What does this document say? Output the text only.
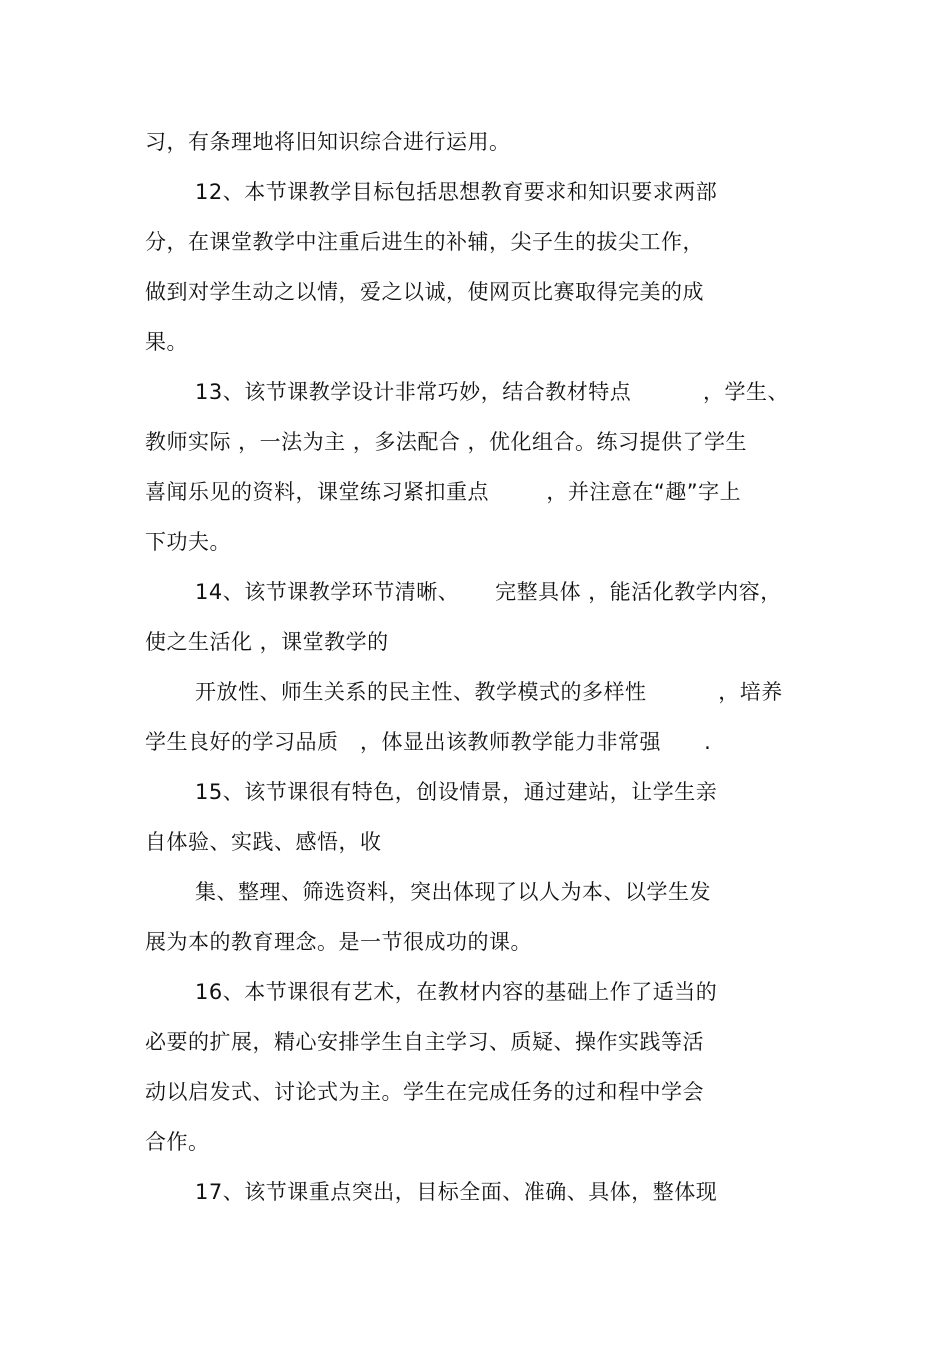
习，有条理地将旧知识综合进行运用。
12、本节课教学目标包括思想教育要求和知识要求两部
分，在课堂教学中注重后进生的补辅，尖子生的拔尖工作，
做到对学生动之以情，爱之以诚，使网页比赛取得完美的成
果。
13、该节课教学设计非常巧妙，结合教材特点          ，学生、
教师实际 ，一法为主 ，多法配合 ，优化组合。练习提供了学生
喜闻乐见的资料，课堂练习紧扣重点        ，并注意在“趣”字上
下功夫。
14、该节课教学环节清晰、     完整具体 ，能活化教学内容，
使之生活化 ，课堂教学的
开放性、师生关系的民主性、教学模式的多样性          ，培养
学生良好的学习品质   ，体显出该教师教学能力非常强      .
15、该节课很有特色，创设情景，通过建站，让学生亲
自体验、实践、感悟，收
集、整理、筛选资料，突出体现了以人为本、以学生发
展为本的教育理念。是一节很成功的课。
16、本节课很有艺术，在教材内容的基础上作了适当的
必要的扩展，精心安排学生自主学习、质疑、操作实践等活
动以启发式、讨论式为主。学生在完成任务的过和程中学会
合作。
17、该节课重点突出，目标全面、准确、具体，整体现
